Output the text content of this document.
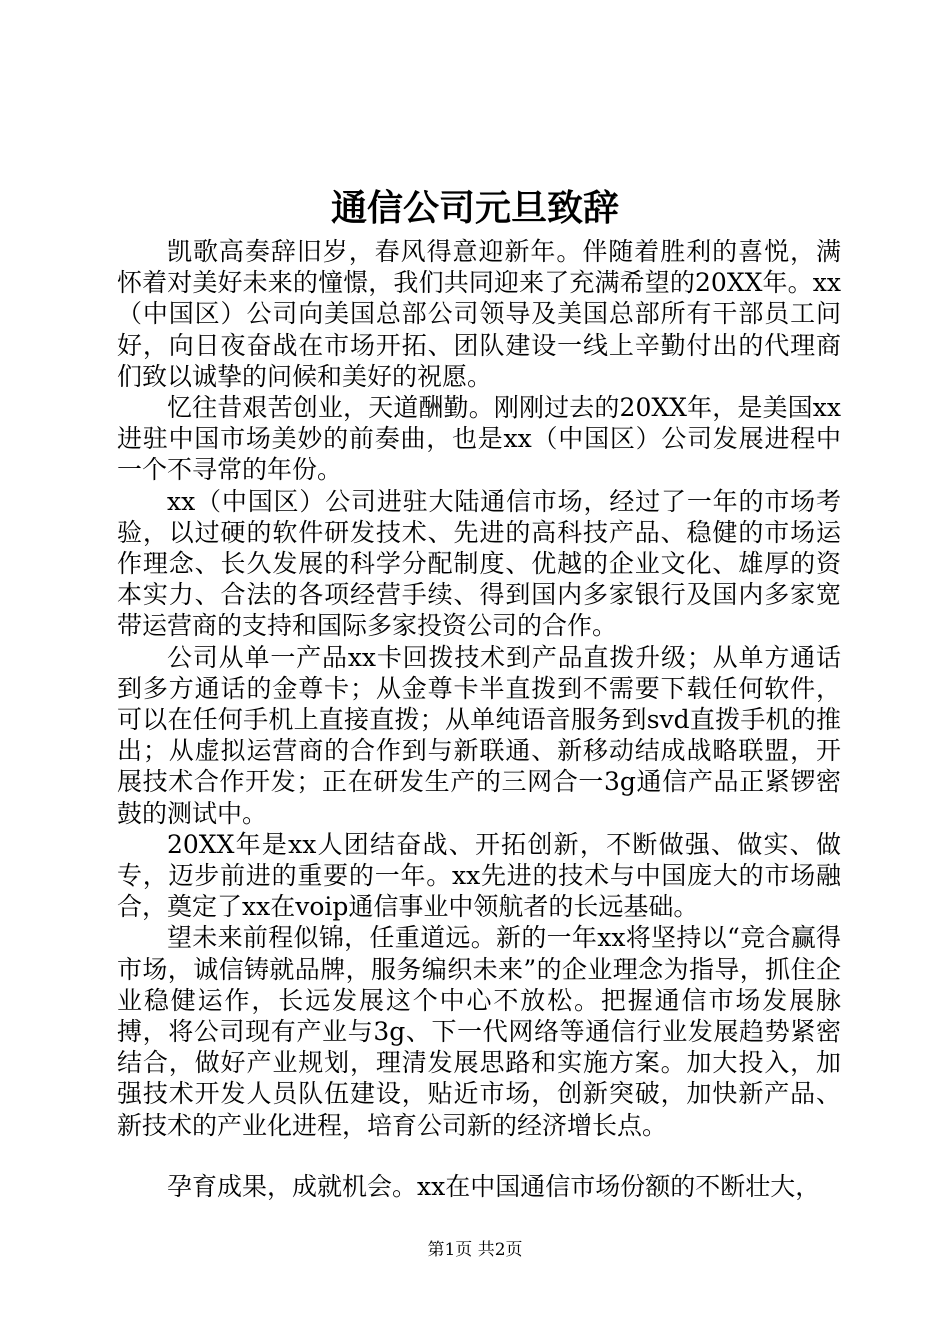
通信公司元旦致辞

凯歌高奏辞旧岁，春风得意迎新年。伴随着胜利的喜悦，满怀着对美好未来的憧憬，我们共同迎来了充满希望的20XX年。xx（中国区）公司向美国总部公司领导及美国总部所有干部员工问好，向日夜奋战在市场开拓、团队建设一线上辛勤付出的代理商们致以诚挚的问候和美好的祝愿。

忆往昔艰苦创业，天道酬勤。刚刚过去的20XX年，是美国xx进驻中国市场美妙的前奏曲，也是xx（中国区）公司发展进程中一个不寻常的年份。

xx（中国区）公司进驻大陆通信市场，经过了一年的市场考验，以过硬的软件研发技术、先进的高科技产品、稳健的市场运作理念、长久发展的科学分配制度、优越的企业文化、雄厚的资本实力、合法的各项经营手续、得到国内多家银行及国内多家宽带运营商的支持和国际多家投资公司的合作。

公司从单一产品xx卡回拨技术到产品直拨升级；从单方通话到多方通话的金尊卡；从金尊卡半直拨到不需要下载任何软件，可以在任何手机上直接直拨；从单纯语音服务到svd直拨手机的推出；从虚拟运营商的合作到与新联通、新移动结成战略联盟，开展技术合作开发；正在研发生产的三网合一3g通信产品正紧锣密鼓的测试中。

20XX年是xx人团结奋战、开拓创新，不断做强、做实、做专，迈步前进的重要的一年。xx先进的技术与中国庞大的市场融合，奠定了xx在voip通信事业中领航者的长远基础。

望未来前程似锦，任重道远。新的一年xx将坚持以“竞合赢得市场，诚信铸就品牌，服务编织未来”的企业理念为指导，抓住企业稳健运作，长远发展这个中心不放松。把握通信市场发展脉搏，将公司现有产业与3g、下一代网络等通信行业发展趋势紧密结合，做好产业规划，理清发展思路和实施方案。加大投入，加强技术开发人员队伍建设，贴近市场，创新突破，加快新产品、新技术的产业化进程，培育公司新的经济增长点。

孕育成果，成就机会。xx在中国通信市场份额的不断壮大，

第1页 共2页
